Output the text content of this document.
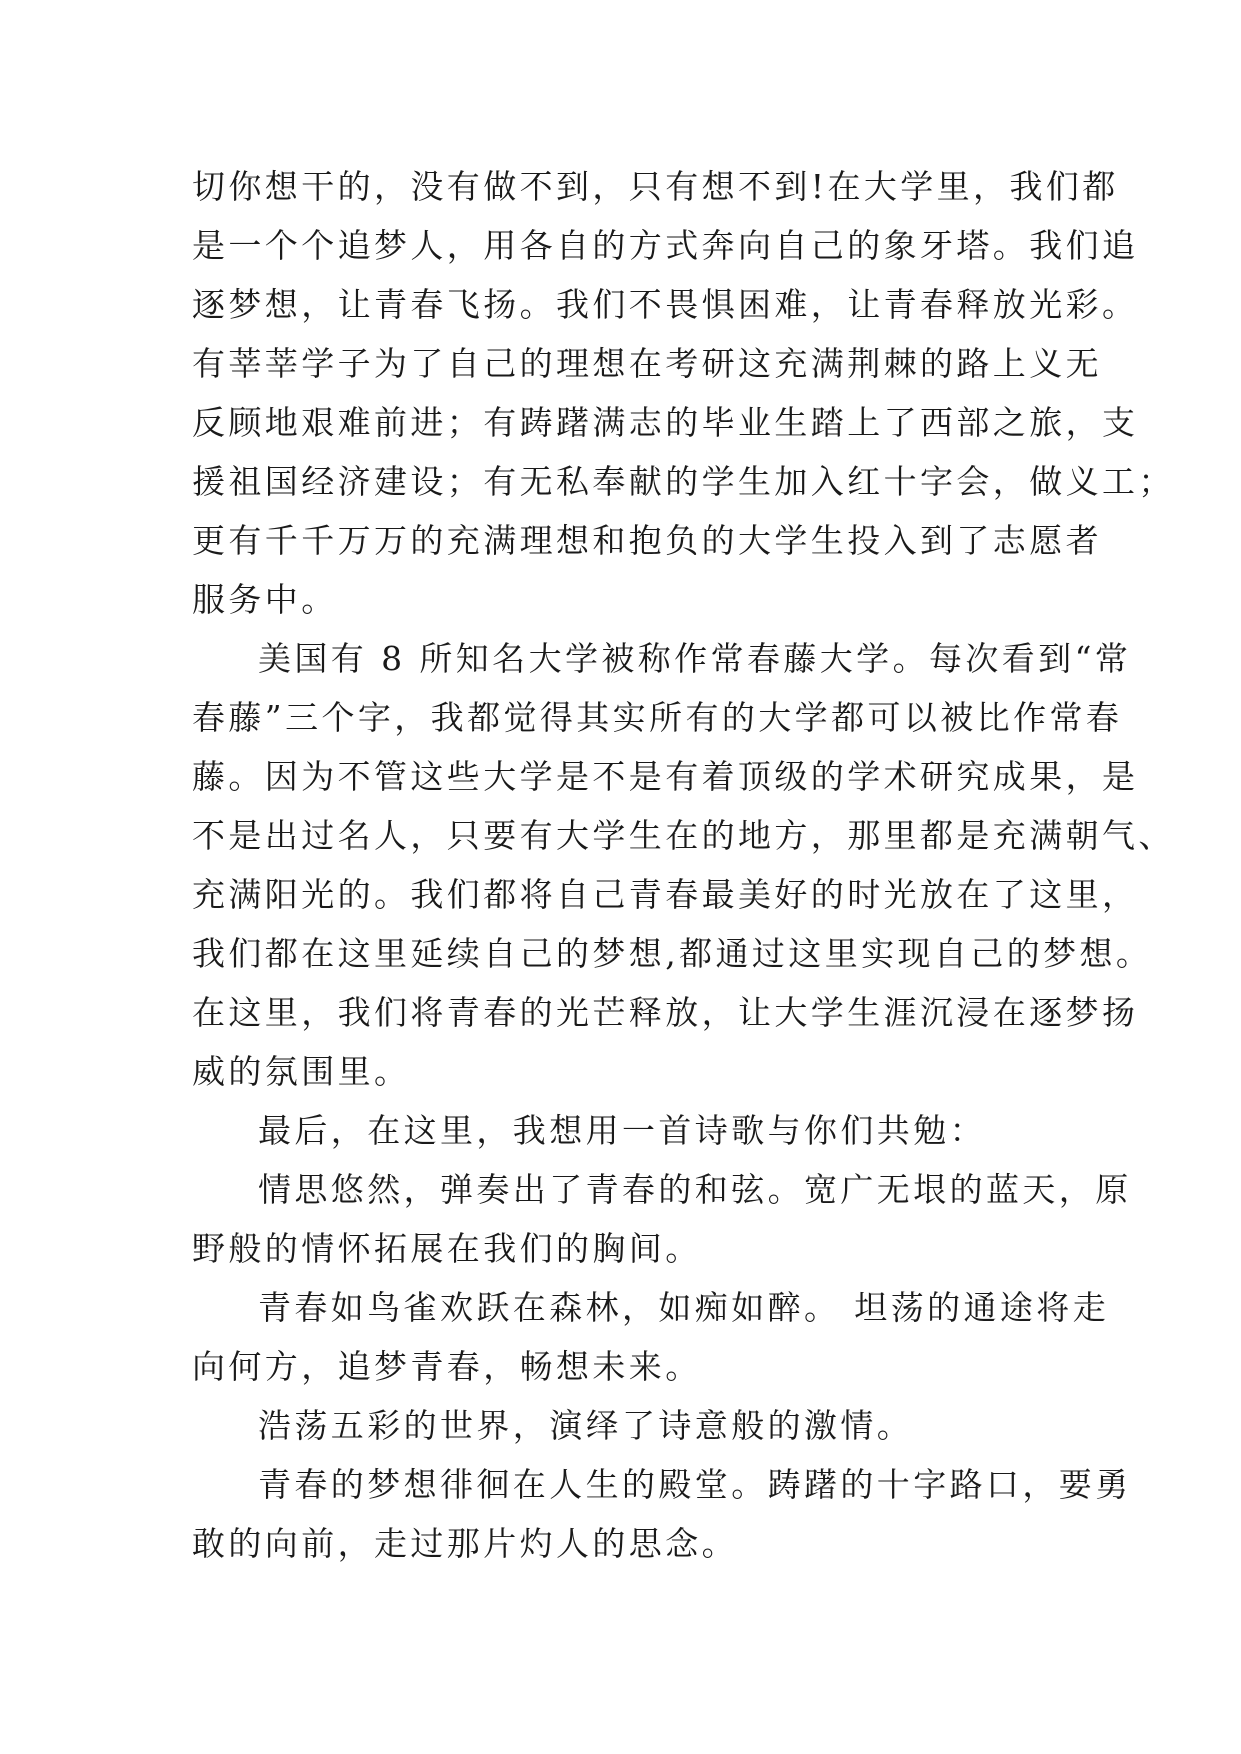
切你想干的，没有做不到，只有想不到!在大学里，我们都
是一个个追梦人，用各自的方式奔向自己的象牙塔。我们追
逐梦想，让青春飞扬。我们不畏惧困难，让青春释放光彩。
有莘莘学子为了自己的理想在考研这充满荆棘的路上义无
反顾地艰难前进；有踌躇满志的毕业生踏上了西部之旅，支
援祖国经济建设；有无私奉献的学生加入红十字会，做义工；
更有千千万万的充满理想和抱负的大学生投入到了志愿者
服务中。
美国有 8 所知名大学被称作常春藤大学。每次看到“常
春藤”三个字，我都觉得其实所有的大学都可以被比作常春
藤。因为不管这些大学是不是有着顶级的学术研究成果，是
不是出过名人，只要有大学生在的地方，那里都是充满朝气、
充满阳光的。我们都将自己青春最美好的时光放在了这里，
我们都在这里延续自己的梦想,都通过这里实现自己的梦想。
在这里，我们将青春的光芒释放，让大学生涯沉浸在逐梦扬
威的氛围里。
最后，在这里，我想用一首诗歌与你们共勉：
情思悠然，弹奏出了青春的和弦。宽广无垠的蓝天，原
野般的情怀拓展在我们的胸间。
青春如鸟雀欢跃在森林，如痴如醉。 坦荡的通途将走
向何方，追梦青春，畅想未来。
浩荡五彩的世界，演绎了诗意般的激情。
青春的梦想徘徊在人生的殿堂。踌躇的十字路口，要勇
敢的向前，走过那片灼人的思念。
